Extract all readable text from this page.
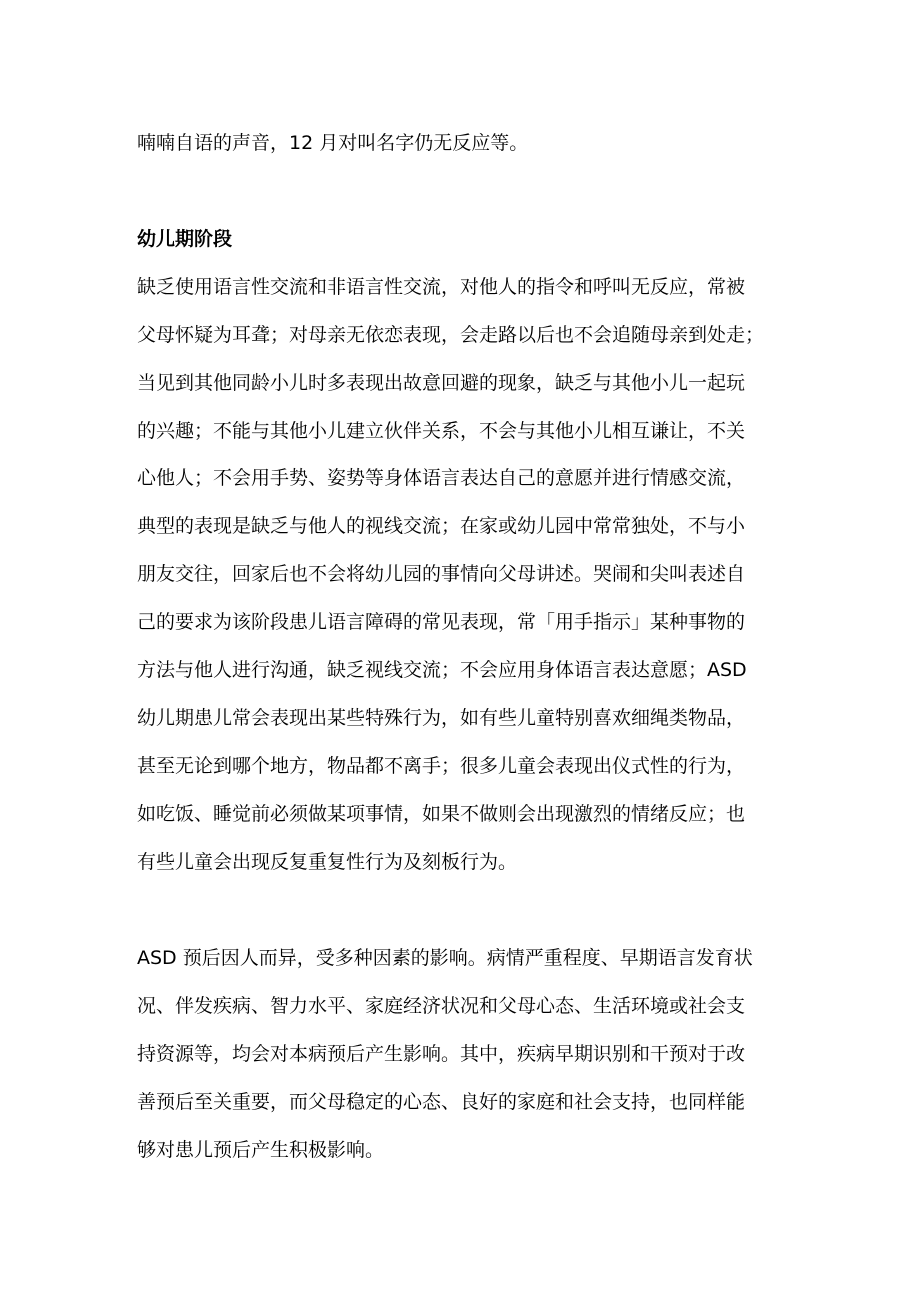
喃喃自语的声音，12 月对叫名字仍无反应等。
幼儿期阶段
缺乏使用语言性交流和非语言性交流，对他人的指令和呼叫无反应，常被
父母怀疑为耳聋；对母亲无依恋表现，会走路以后也不会追随母亲到处走；
当见到其他同龄小儿时多表现出故意回避的现象，缺乏与其他小儿一起玩
的兴趣；不能与其他小儿建立伙伴关系，不会与其他小儿相互谦让，不关
心他人；不会用手势、姿势等身体语言表达自己的意愿并进行情感交流，
典型的表现是缺乏与他人的视线交流；在家或幼儿园中常常独处，不与小
朋友交往，回家后也不会将幼儿园的事情向父母讲述。哭闹和尖叫表述自
己的要求为该阶段患儿语言障碍的常见表现，常「用手指示」某种事物的
方法与他人进行沟通，缺乏视线交流；不会应用身体语言表达意愿；ASD
幼儿期患儿常会表现出某些特殊行为，如有些儿童特别喜欢细绳类物品，
甚至无论到哪个地方，物品都不离手；很多儿童会表现出仪式性的行为，
如吃饭、睡觉前必须做某项事情，如果不做则会出现激烈的情绪反应；也
有些儿童会出现反复重复性行为及刻板行为。
ASD 预后因人而异，受多种因素的影响。病情严重程度、早期语言发育状
况、伴发疾病、智力水平、家庭经济状况和父母心态、生活环境或社会支
持资源等，均会对本病预后产生影响。其中，疾病早期识别和干预对于改
善预后至关重要，而父母稳定的心态、良好的家庭和社会支持，也同样能
够对患儿预后产生积极影响。
